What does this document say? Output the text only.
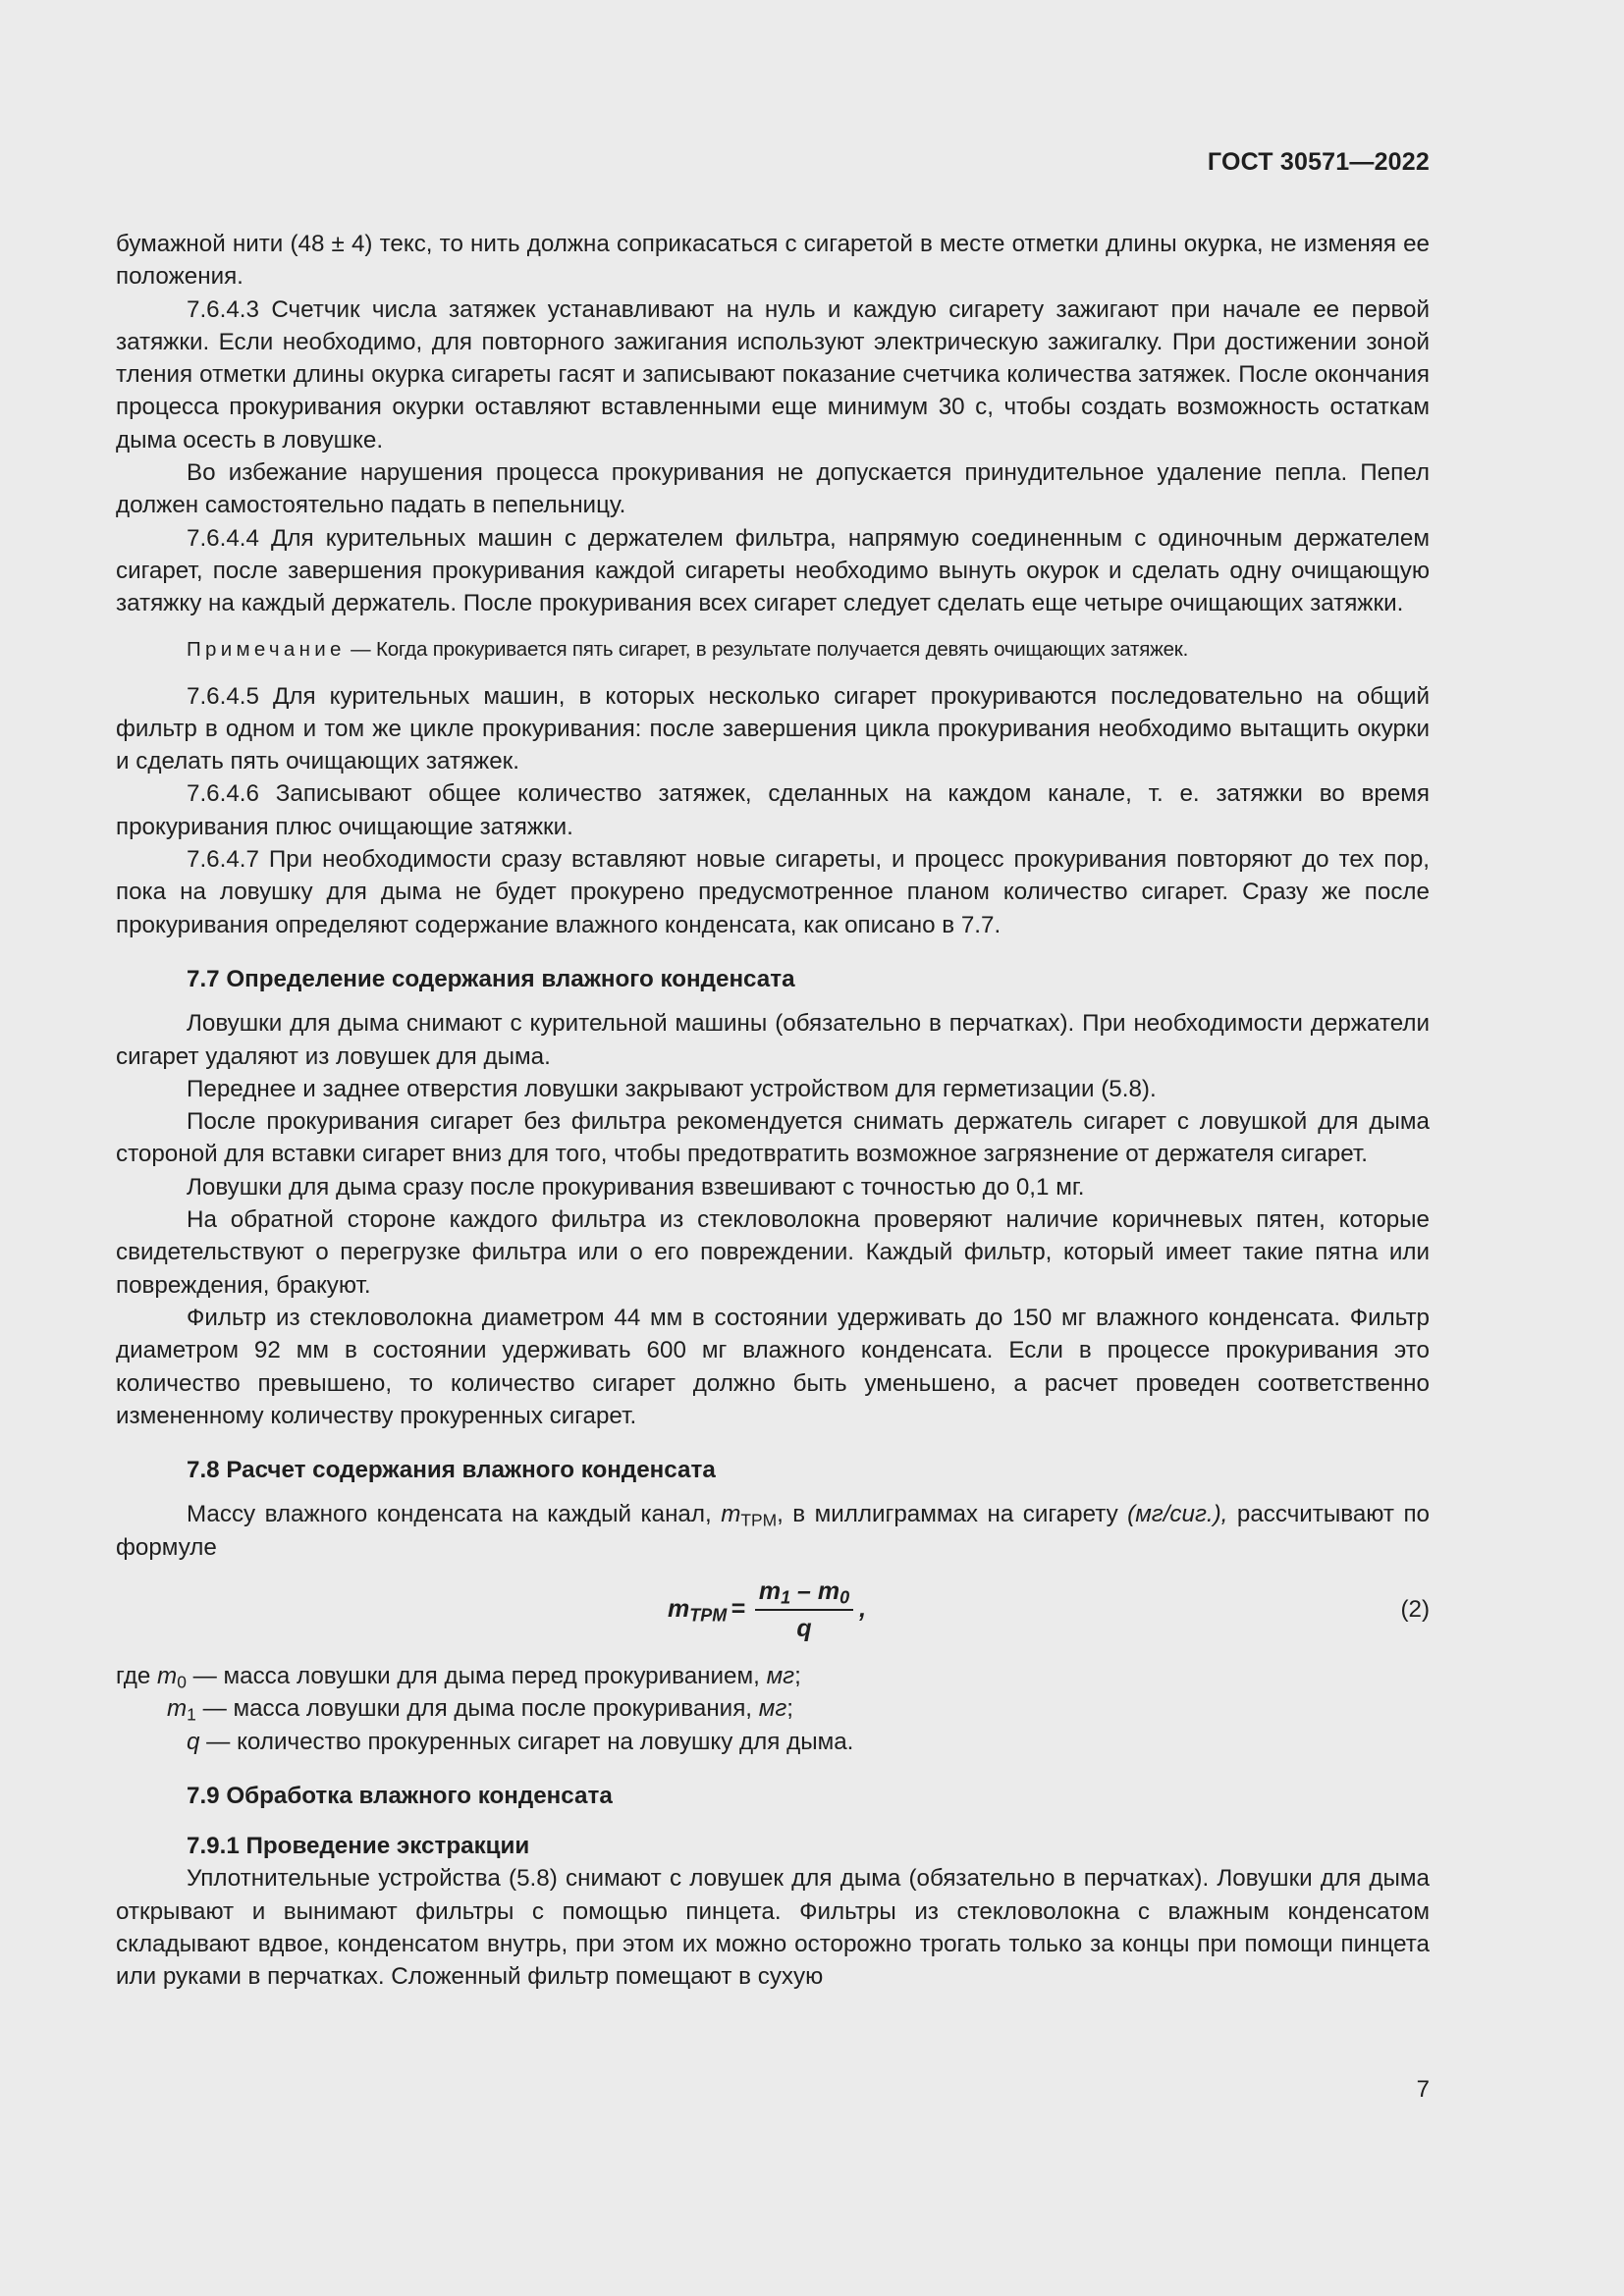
ГОСТ 30571—2022

бумажной нити (48 ± 4) текс, то нить должна соприкасаться с сигаретой в месте отметки длины окурка, не изменяя ее положения.

7.6.4.3 Счетчик числа затяжек устанавливают на нуль и каждую сигарету зажигают при начале ее первой затяжки. Если необходимо, для повторного зажигания используют электрическую зажигалку. При достижении зоной тления отметки длины окурка сигареты гасят и записывают показание счетчика количества затяжек. После окончания процесса прокуривания окурки оставляют вставленными еще минимум 30 с, чтобы создать возможность остаткам дыма осесть в ловушке.

Во избежание нарушения процесса прокуривания не допускается принудительное удаление пепла. Пепел должен самостоятельно падать в пепельницу.

7.6.4.4 Для курительных машин с держателем фильтра, напрямую соединенным с одиночным держателем сигарет, после завершения прокуривания каждой сигареты необходимо вынуть окурок и сделать одну очищающую затяжку на каждый держатель. После прокуривания всех сигарет следует сделать еще четыре очищающих затяжки.

Примечание — Когда прокуривается пять сигарет, в результате получается девять очищающих затяжек.

7.6.4.5 Для курительных машин, в которых несколько сигарет прокуриваются последовательно на общий фильтр в одном и том же цикле прокуривания: после завершения цикла прокуривания необходимо вытащить окурки и сделать пять очищающих затяжек.

7.6.4.6 Записывают общее количество затяжек, сделанных на каждом канале, т. е. затяжки во время прокуривания плюс очищающие затяжки.

7.6.4.7 При необходимости сразу вставляют новые сигареты, и процесс прокуривания повторяют до тех пор, пока на ловушку для дыма не будет прокурено предусмотренное планом количество сигарет. Сразу же после прокуривания определяют содержание влажного конденсата, как описано в 7.7.

7.7 Определение содержания влажного конденсата

Ловушки для дыма снимают с курительной машины (обязательно в перчатках). При необходимости держатели сигарет удаляют из ловушек для дыма.

Переднее и заднее отверстия ловушки закрывают устройством для герметизации (5.8).

После прокуривания сигарет без фильтра рекомендуется снимать держатель сигарет с ловушкой для дыма стороной для вставки сигарет вниз для того, чтобы предотвратить возможное загрязнение от держателя сигарет.

Ловушки для дыма сразу после прокуривания взвешивают с точностью до 0,1 мг.

На обратной стороне каждого фильтра из стекловолокна проверяют наличие коричневых пятен, которые свидетельствуют о перегрузке фильтра или о его повреждении. Каждый фильтр, который имеет такие пятна или повреждения, бракуют.

Фильтр из стекловолокна диаметром 44 мм в состоянии удерживать до 150 мг влажного конденсата. Фильтр диаметром 92 мм в состоянии удерживать 600 мг влажного конденсата. Если в процессе прокуривания это количество превышено, то количество сигарет должно быть уменьшено, а расчет проведен соответственно измененному количеству прокуренных сигарет.

7.8 Расчет содержания влажного конденсата

Массу влажного конденсата на каждый канал, $m_{TPM}$, в миллиграммах на сигарету (мг/сиг.), рассчитывают по формуле

$m_{TPM} = \frac{m_1 - m_0}{q}$ ,	(2)
где $m_0$ — масса ловушки для дыма перед прокуриванием, мг;
$m_1$ — масса ловушки для дыма после прокуривания, мг;
q — количество прокуренных сигарет на ловушку для дыма.
7.9 Обработка влажного конденсата
7.9.1 Проведение экстракции

Уплотнительные устройства (5.8) снимают с ловушек для дыма (обязательно в перчатках). Ловушки для дыма открывают и вынимают фильтры с помощью пинцета. Фильтры из стекловолокна с влажным конденсатом складывают вдвое, конденсатом внутрь, при этом их можно осторожно трогать только за концы при помощи пинцета или руками в перчатках. Сложенный фильтр помещают в сухую

7
